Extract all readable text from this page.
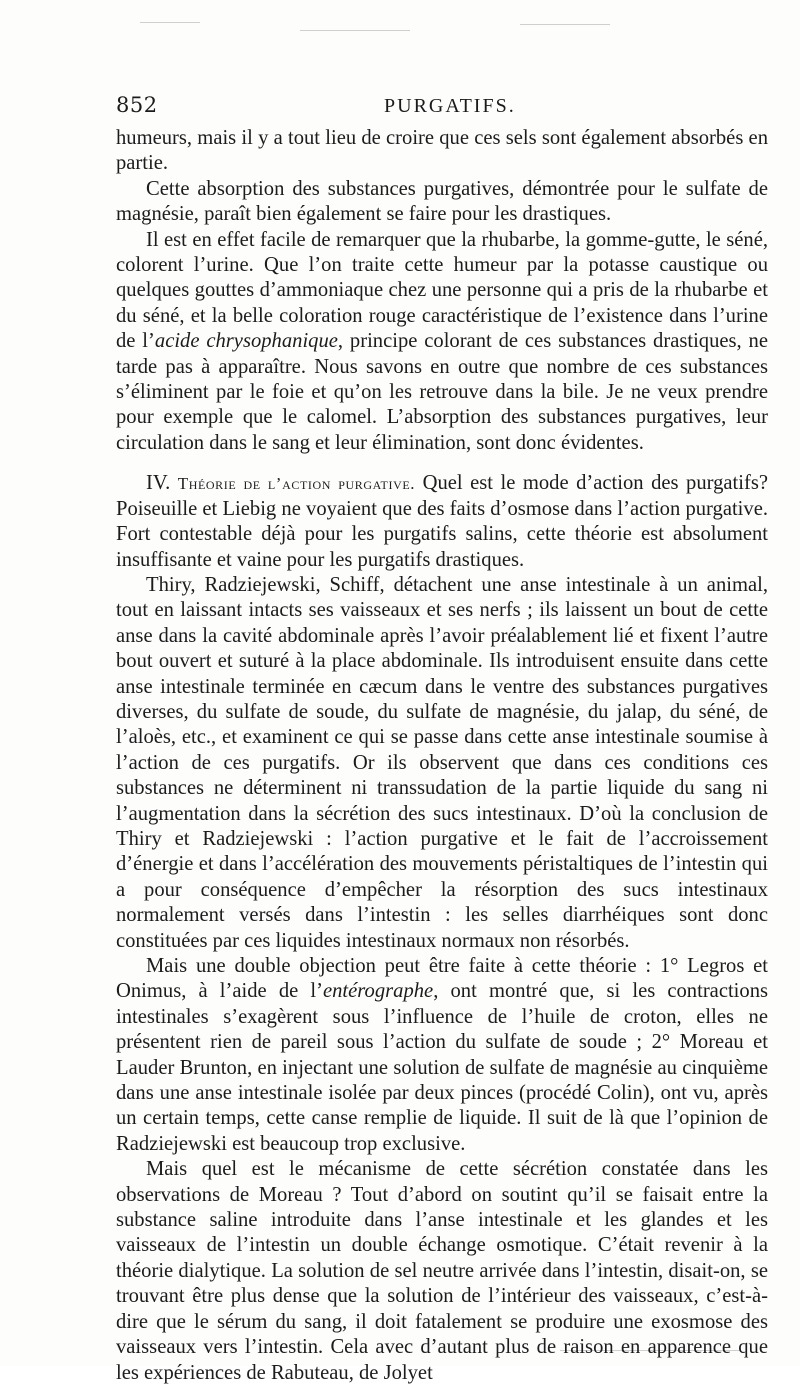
852	PURGATIFS.

humeurs, mais il y a tout lieu de croire que ces sels sont également absorbés en partie.

Cette absorption des substances purgatives, démontrée pour le sulfate de magnésie, paraît bien également se faire pour les drastiques.

Il est en effet facile de remarquer que la rhubarbe, la gomme-gutte, le séné, colorent l’urine. Que l’on traite cette humeur par la potasse caustique ou quelques gouttes d’ammoniaque chez une personne qui a pris de la rhubarbe et du séné, et la belle coloration rouge caractéristique de l’existence dans l’urine de l’acide chrysophanique, principe colorant de ces substances drastiques, ne tarde pas à apparaître. Nous savons en outre que nombre de ces substances s’éliminent par le foie et qu’on les retrouve dans la bile. Je ne veux prendre pour exemple que le calomel. L’absorption des substances purgatives, leur circulation dans le sang et leur élimination, sont donc évidentes.

IV. Théorie de l’action purgative. Quel est le mode d’action des purgatifs? Poiseuille et Liebig ne voyaient que des faits d’osmose dans l’action purgative. Fort contestable déjà pour les purgatifs salins, cette théorie est absolument insuffisante et vaine pour les purgatifs drastiques.

Thiry, Radziejewski, Schiff, détachent une anse intestinale à un animal, tout en laissant intacts ses vaisseaux et ses nerfs ; ils laissent un bout de cette anse dans la cavité abdominale après l’avoir préalablement lié et fixent l’autre bout ouvert et suturé à la place abdominale. Ils introduisent ensuite dans cette anse intestinale terminée en cæcum dans le ventre des substances purgatives diverses, du sulfate de soude, du sulfate de magnésie, du jalap, du séné, de l’aloès, etc., et examinent ce qui se passe dans cette anse intestinale soumise à l’action de ces purgatifs. Or ils observent que dans ces conditions ces substances ne déterminent ni transsudation de la partie liquide du sang ni l’augmentation dans la sécrétion des sucs intestinaux. D’où la conclusion de Thiry et Radziejewski : l’action purgative et le fait de l’accroissement d’énergie et dans l’accélération des mouvements péristaltiques de l’intestin qui a pour conséquence d’empêcher la résorption des sucs intestinaux normalement versés dans l’intestin : les selles diarrhéiques sont donc constituées par ces liquides intestinaux normaux non résorbés.

Mais une double objection peut être faite à cette théorie : 1° Legros et Onimus, à l’aide de l’entérographe, ont montré que, si les contractions intestinales s’exagèrent sous l’influence de l’huile de croton, elles ne présentent rien de pareil sous l’action du sulfate de soude ; 2° Moreau et Lauder Brunton, en injectant une solution de sulfate de magnésie au cinquième dans une anse intestinale isolée par deux pinces (procédé Colin), ont vu, après un certain temps, cette canse remplie de liquide. Il suit de là que l’opinion de Radziejewski est beaucoup trop exclusive.

Mais quel est le mécanisme de cette sécrétion constatée dans les observations de Moreau ? Tout d’abord on soutint qu’il se faisait entre la substance saline introduite dans l’anse intestinale et les glandes et les vaisseaux de l’intestin un double échange osmotique. C’était revenir à la théorie dialytique. La solution de sel neutre arrivée dans l’intestin, disait-on, se trouvant être plus dense que la solution de l’intérieur des vaisseaux, c’est-à-dire que le sérum du sang, il doit fatalement se produire une exosmose des vaisseaux vers l’intestin. Cela avec d’autant plus de raison en apparence que les expériences de Rabuteau, de Jolyet
